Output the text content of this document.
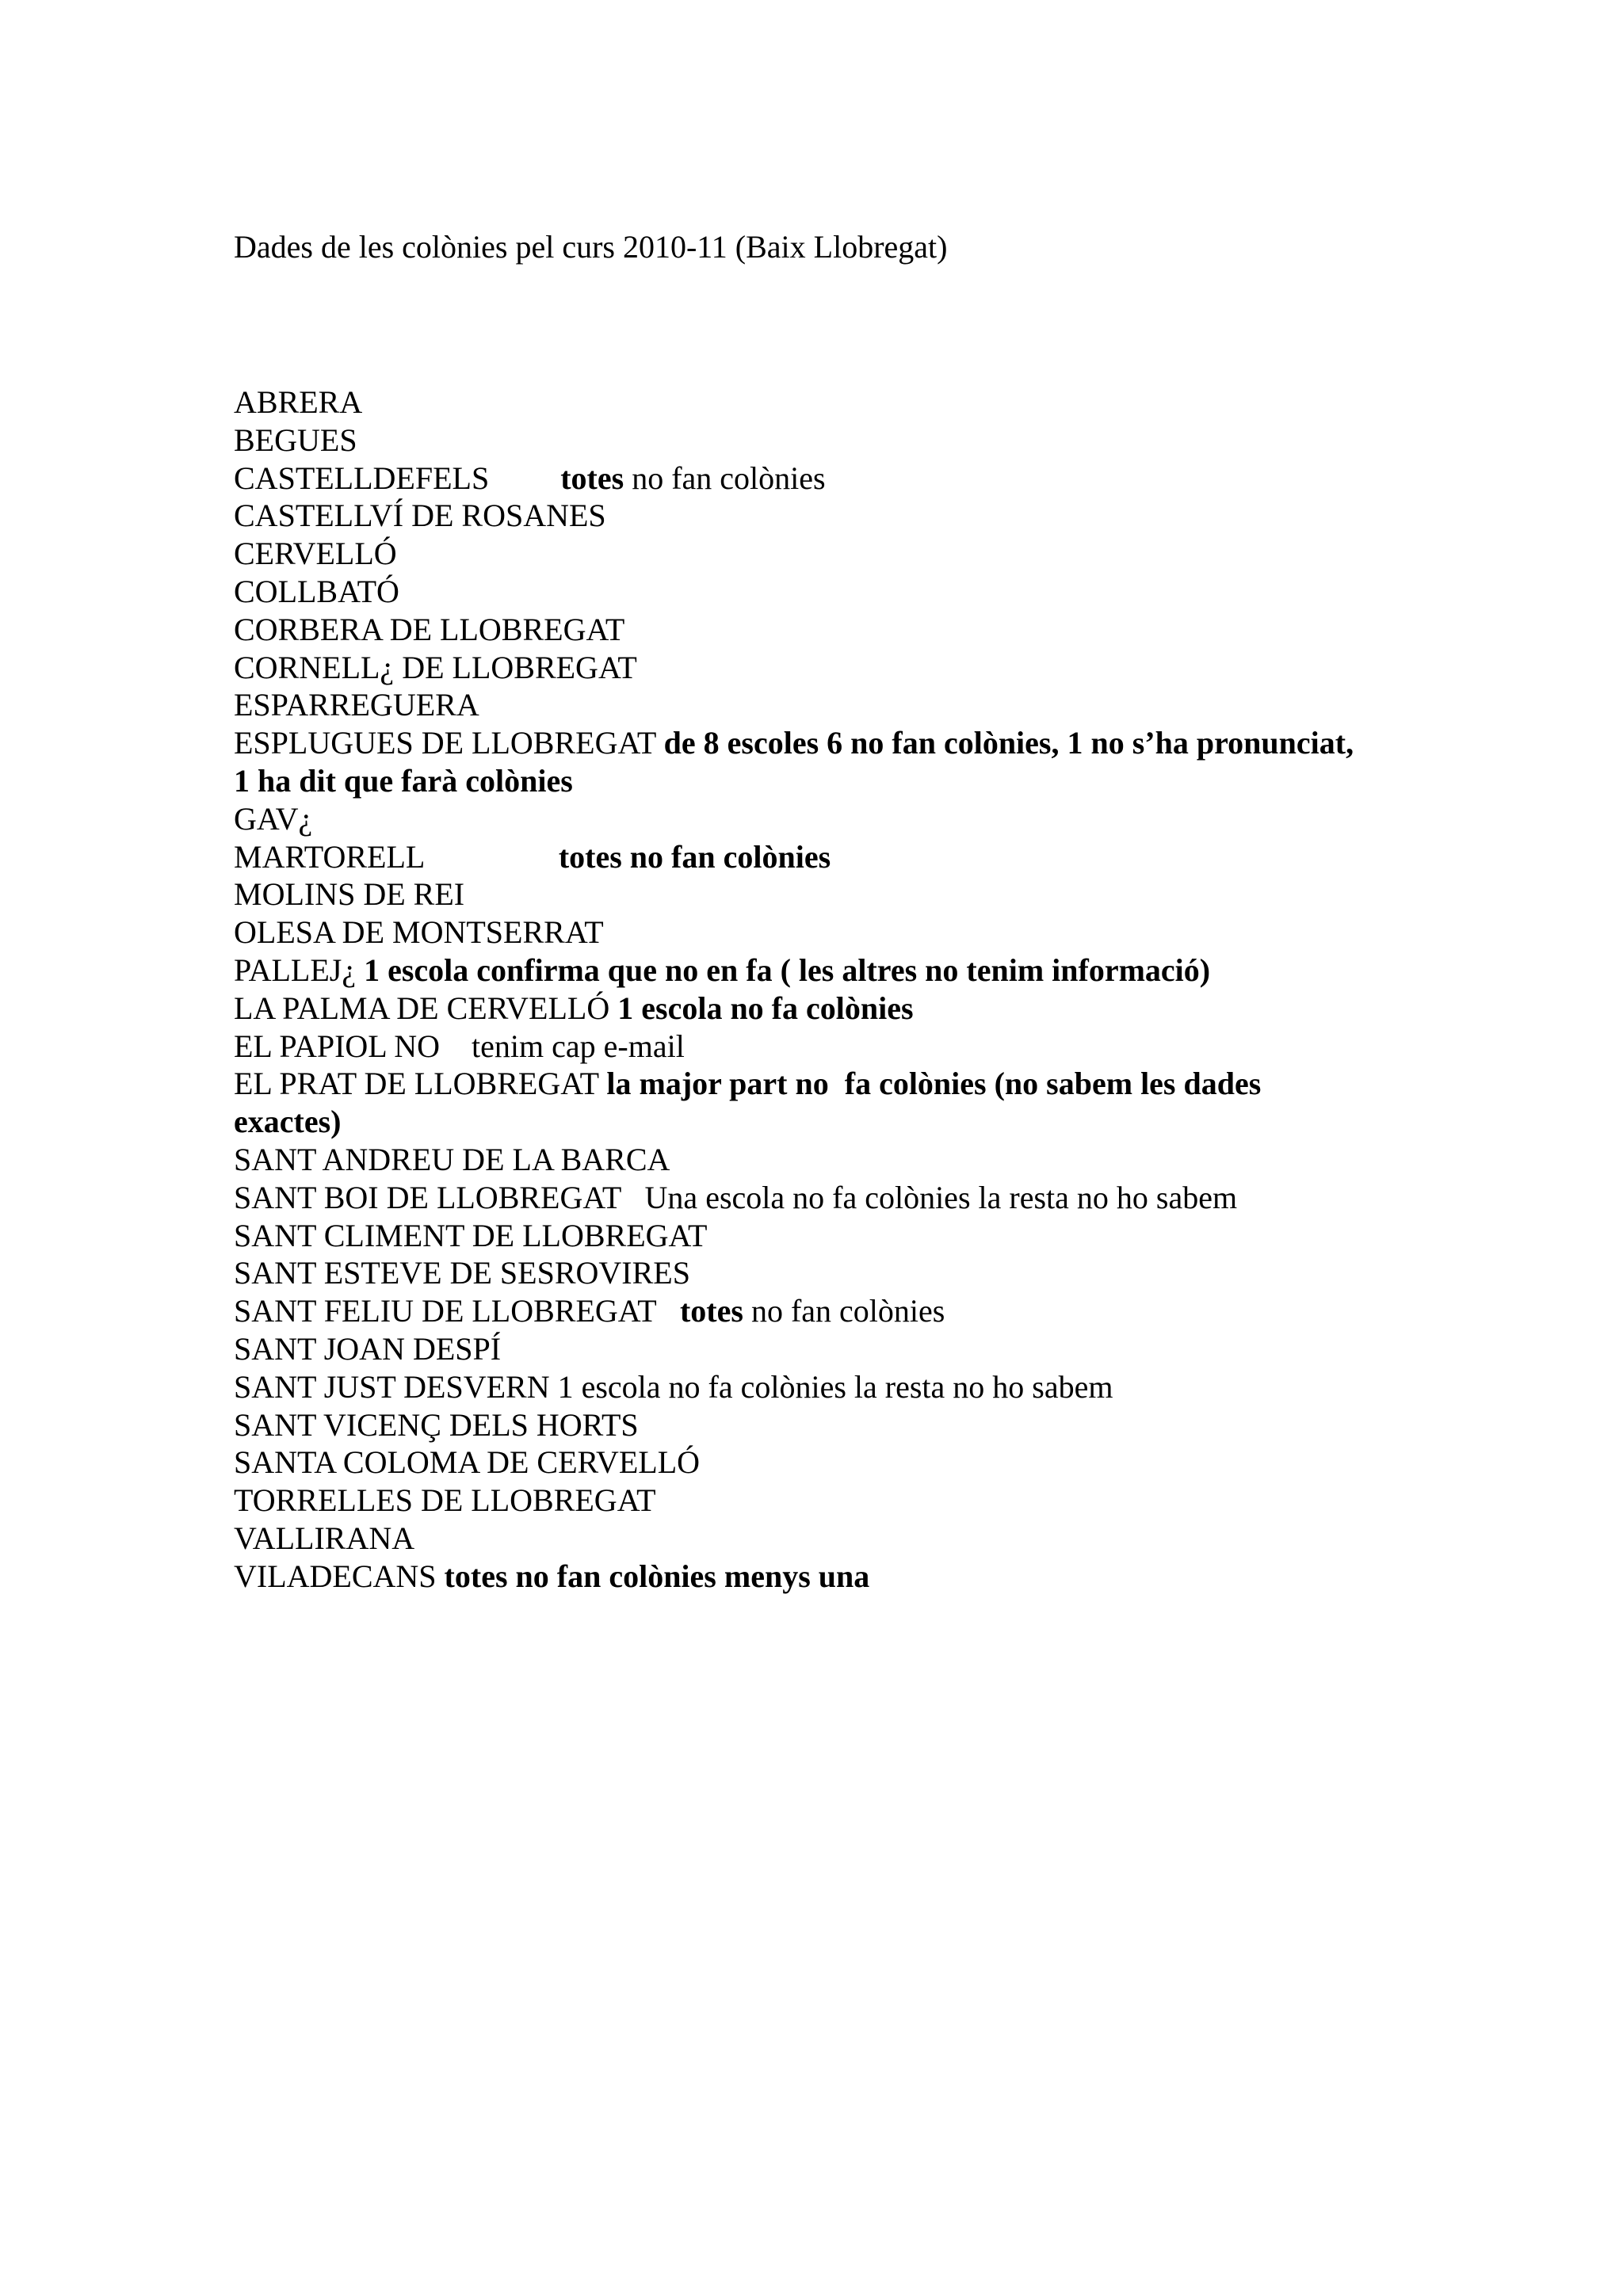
Dades de les colònies pel curs 2010-11 (Baix Llobregat)

ABRERA
BEGUES
CASTELLDEFELS totes no fan colònies
CASTELLVÍ DE ROSANES
CERVELLÓ
COLLBATÓ
CORBERA DE LLOBREGAT
CORNELL¿ DE LLOBREGAT
ESPARREGUERA
ESPLUGUES DE LLOBREGAT de 8 escoles 6 no fan colònies, 1 no s’ha pronunciat, 1 ha dit que farà colònies
GAV¿
MARTORELL	totes no fan colònies
MOLINS DE REI
OLESA DE MONTSERRAT
PALLEJ¿ 1 escola confirma que no en fa ( les altres no tenim informació)
LA PALMA DE CERVELLÓ 1 escola no fa colònies
EL PAPIOL NO tenim cap e-mail
EL PRAT DE LLOBREGAT la major part no  fa colònies (no sabem les dades exactes)
SANT ANDREU DE LA BARCA
SANT BOI DE LLOBREGAT Una escola no fa colònies la resta no ho sabem
SANT CLIMENT DE LLOBREGAT
SANT ESTEVE DE SESROVIRES
SANT FELIU DE LLOBREGAT totes no fan colònies
SANT JOAN DESPÍ
SANT JUST DESVERN 1 escola no fa colònies la resta no ho sabem
SANT VICENÇ DELS HORTS
SANTA COLOMA DE CERVELLÓ
TORRELLES DE LLOBREGAT
VALLIRANA
VILADECANS totes no fan colònies menys una
